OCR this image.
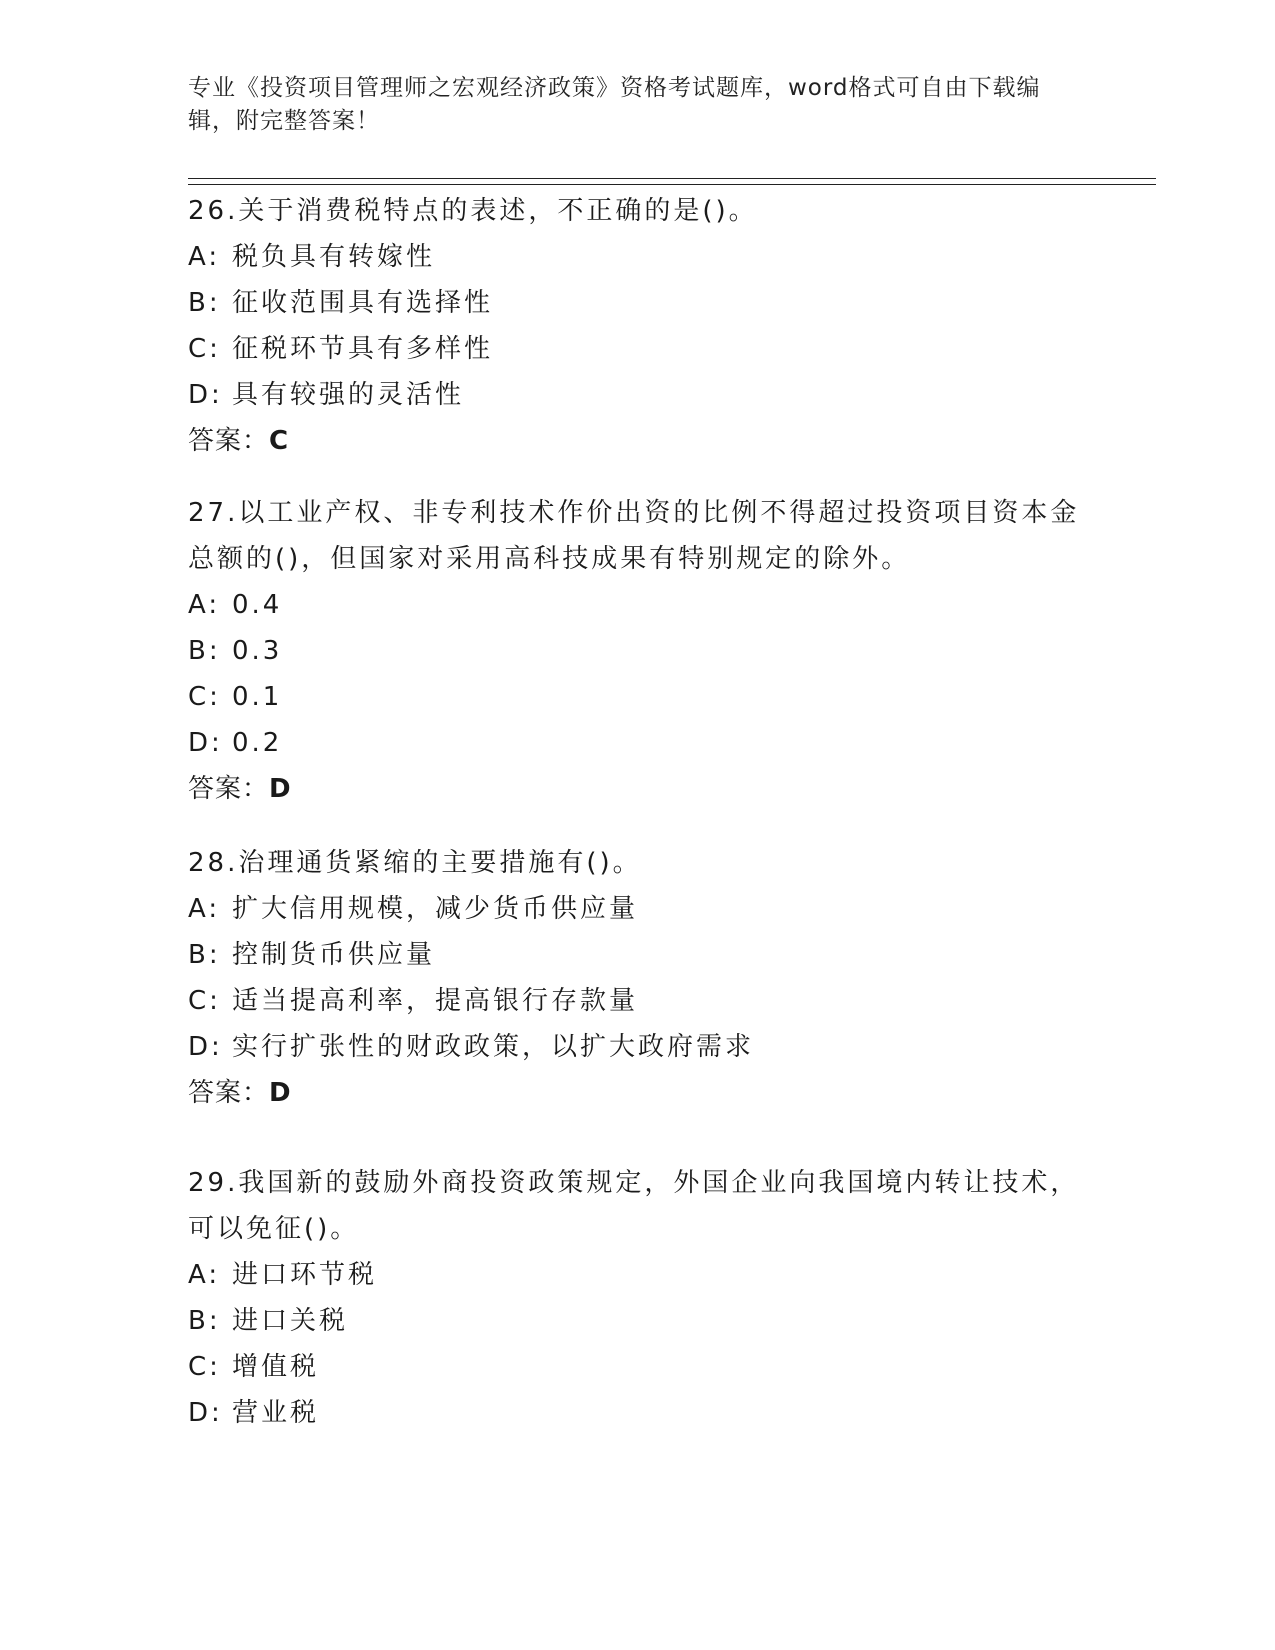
专业《投资项目管理师之宏观经济政策》资格考试题库，word格式可自由下载编辑，附完整答案！

26.关于消费税特点的表述，不正确的是()。

A: 税负具有转嫁性

B: 征收范围具有选择性

C: 征税环节具有多样性

D: 具有较强的灵活性

答案：C

27.以工业产权、非专利技术作价出资的比例不得超过投资项目资本金总额的()，但国家对采用高科技成果有特别规定的除外。

A: 0.4

B: 0.3

C: 0.1

D: 0.2

答案：D

28.治理通货紧缩的主要措施有()。

A: 扩大信用规模，减少货币供应量

B: 控制货币供应量

C: 适当提高利率，提高银行存款量

D: 实行扩张性的财政政策，以扩大政府需求

答案：D

29.我国新的鼓励外商投资政策规定，外国企业向我国境内转让技术，可以免征()。

A: 进口环节税

B: 进口关税

C: 增值税

D: 营业税
